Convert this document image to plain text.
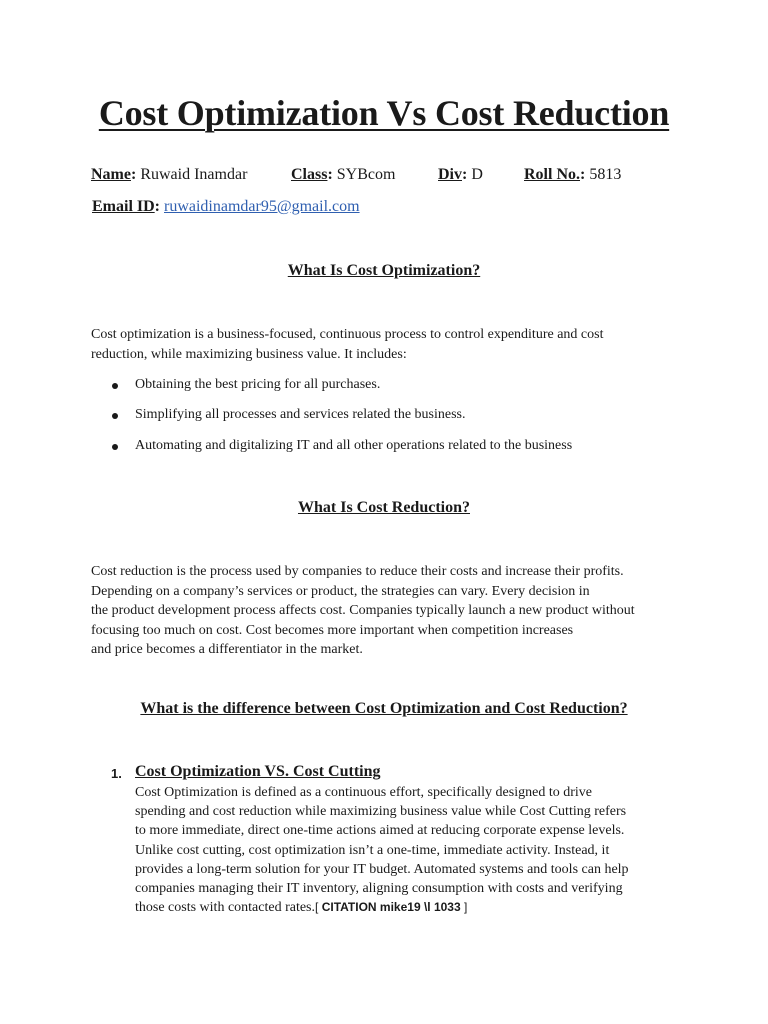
Cost Optimization Vs Cost Reduction
Name: Ruwaid Inamdar	Class: SYBcom	Div: D	Roll No.: 5813
Email ID: ruwaidinamdar95@gmail.com
What Is Cost Optimization?

Cost optimization is a business-focused, continuous process to control expenditure and cost
reduction, while maximizing business value. It includes:

Obtaining the best pricing for all purchases.
Simplifying all processes and services related the business.
Automating and digitalizing IT and all other operations related to the business
What Is Cost Reduction?

Cost reduction is the process used by companies to reduce their costs and increase their profits.
Depending on a company’s services or product, the strategies can vary. Every decision in
the product development process affects cost. Companies typically launch a new product without
focusing too much on cost. Cost becomes more important when competition increases
and price becomes a differentiator in the market.

What is the difference between Cost Optimization and Cost Reduction?
1. Cost Optimization VS. Cost Cutting
Cost Optimization is defined as a continuous effort, specifically designed to drive
spending and cost reduction while maximizing business value while Cost Cutting refers
to more immediate, direct one-time actions aimed at reducing corporate expense levels.
Unlike cost cutting, cost optimization isn’t a one-time, immediate activity. Instead, it
provides a long-term solution for your IT budget. Automated systems and tools can help
companies managing their IT inventory, aligning consumption with costs and verifying
those costs with contacted rates.[ CITATION mike19 \l 1033 ]
